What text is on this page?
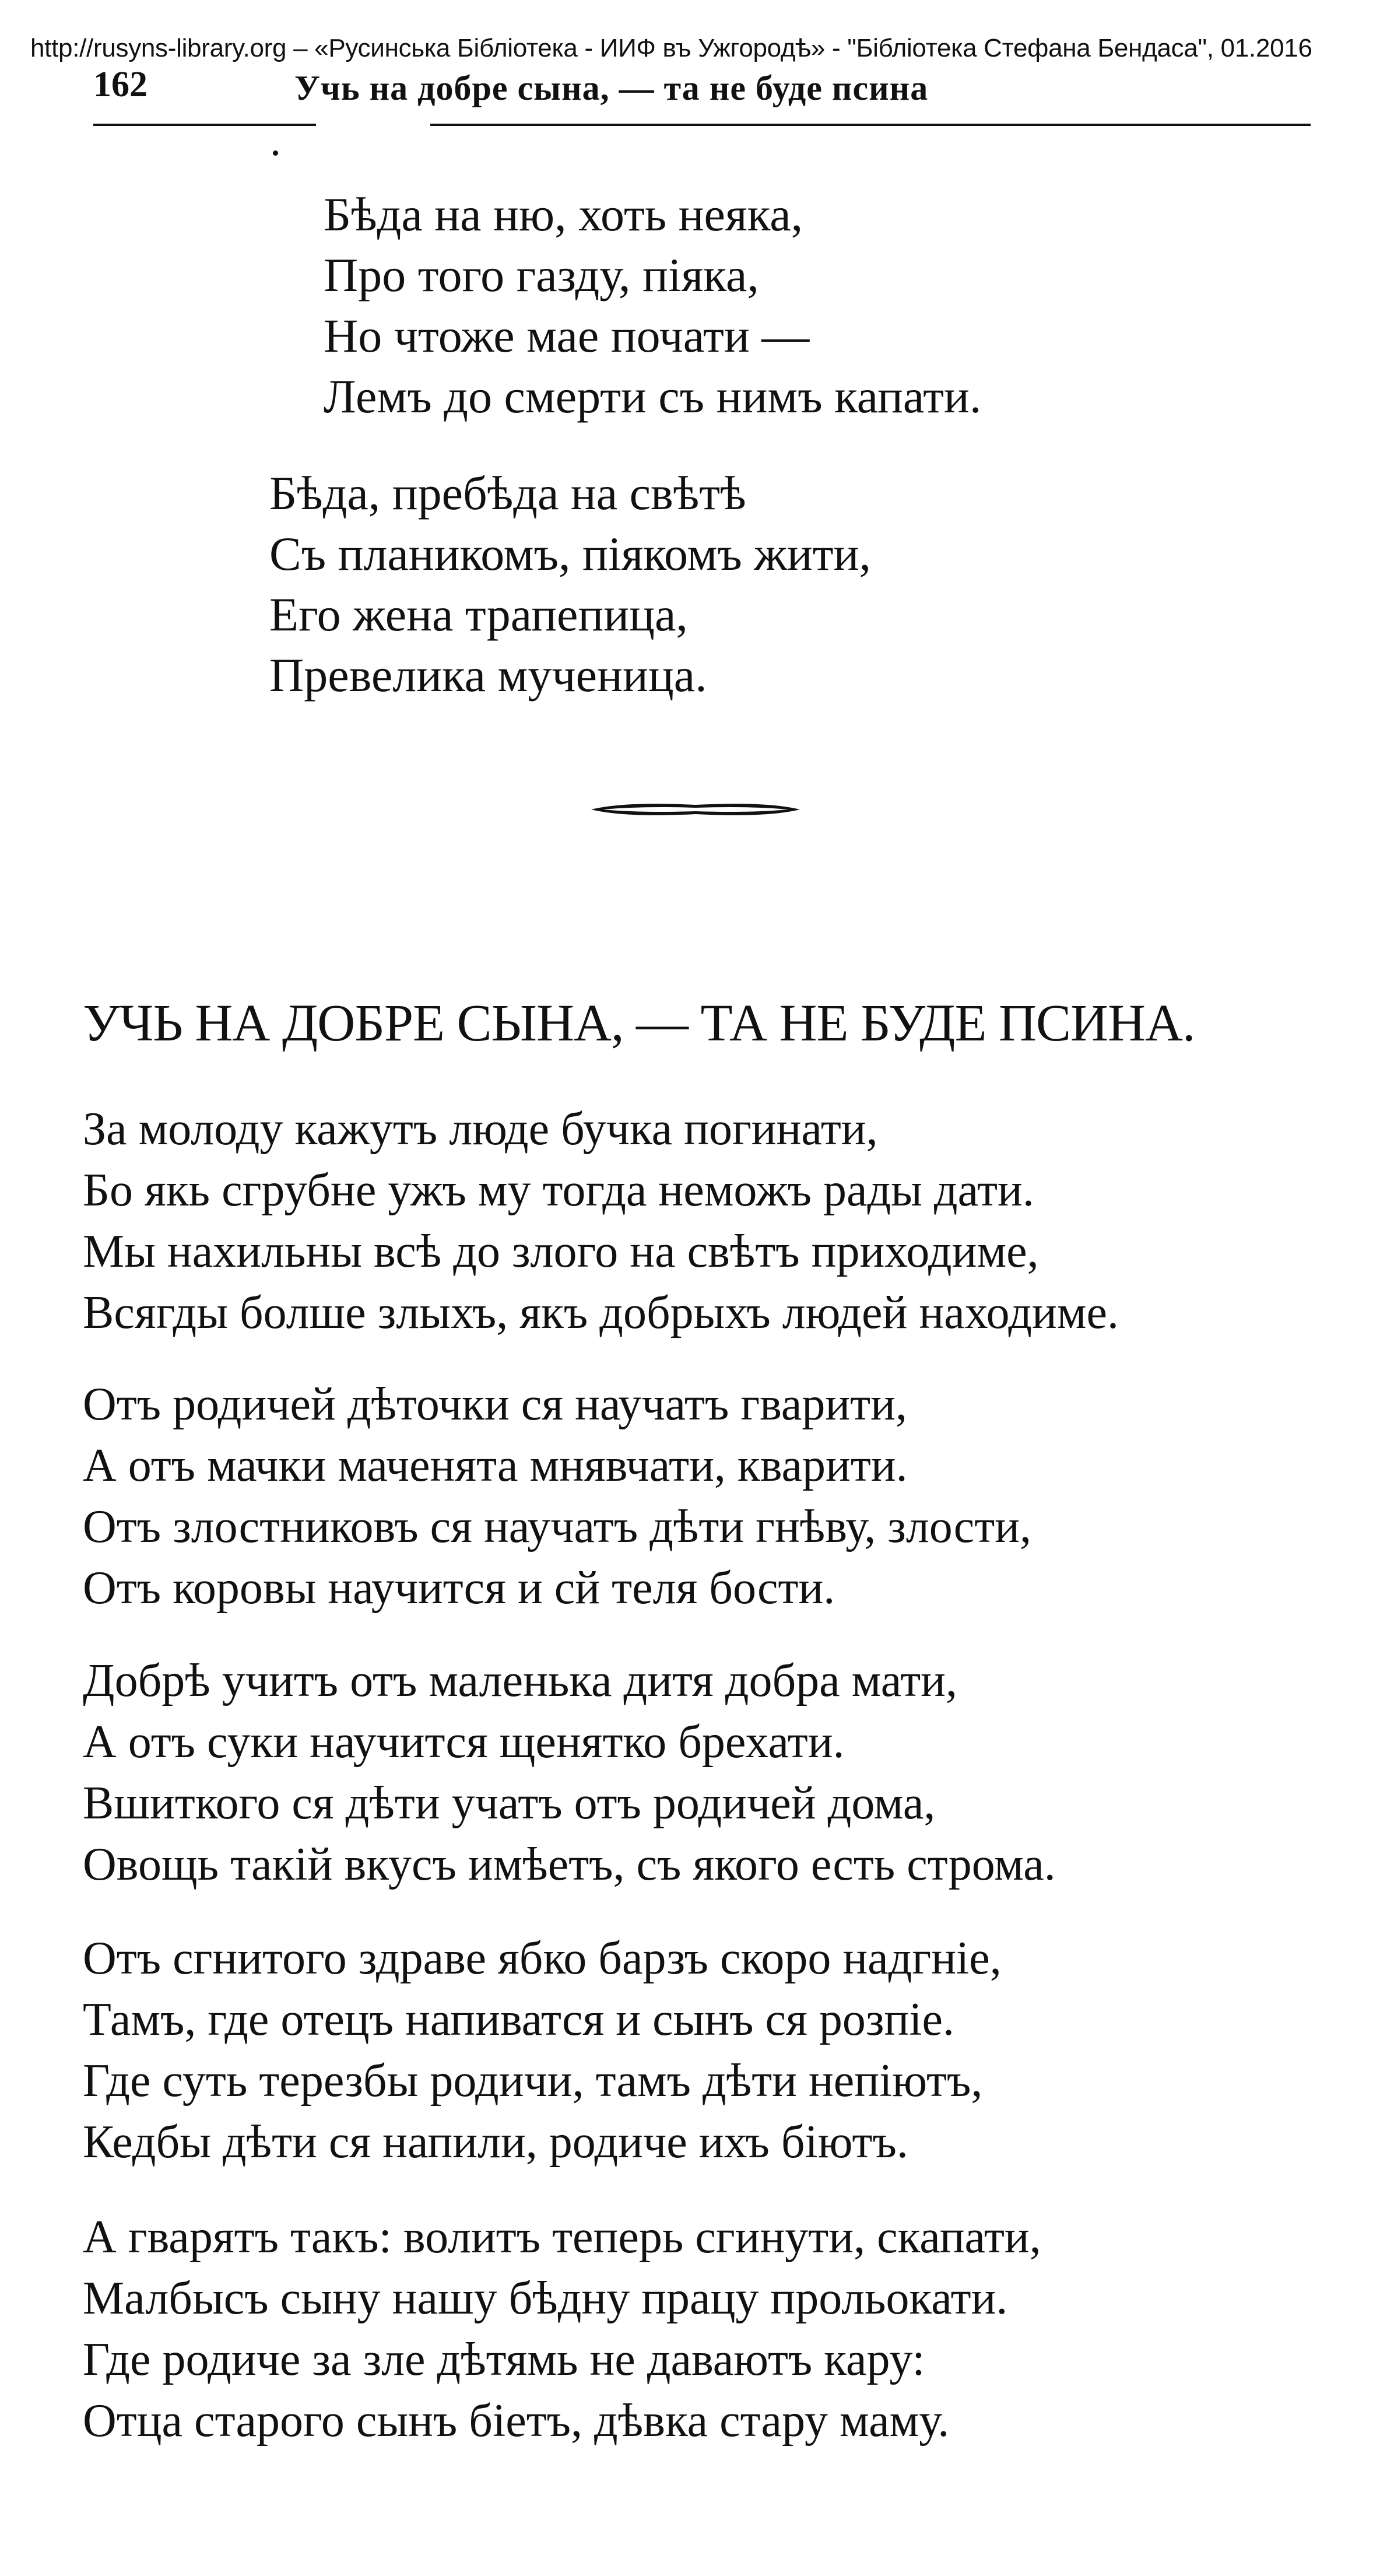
http://rusyns-library.org – «Русинська Бібліотека - ИИФ въ Ужгородѣ» - "Бібліотека Стефана Бендаса", 01.2016
162	Учь на добре сына, — та не буде псина
Бѣда на ню, хоть неяка,
Про того газду, піяка,
Но чтоже мае почати —
Лемъ до смерти съ нимъ капати.
Бѣда, пребѣда на свѣтѣ
Съ планикомъ, піякомъ жити,
Его жена трапепица,
Превелика мученица.
УЧЬ НА ДОБРЕ СЫНА, — ТА НЕ БУДЕ ПСИНА.
За молоду кажутъ люде бучка погинати,
Бо якь сгрубне ужъ му тогда неможъ рады дати.
Мы нахильны всѣ до злого на свѣтъ приходиме,
Всягды болше злыхъ, якъ добрыхъ людей находиме.
Отъ родичей дѣточки ся научатъ гварити,
А отъ мачки маченята мнявчати, кварити.
Отъ злостниковъ ся научатъ дѣти гнѣву, злости,
Отъ коровы научится и сй теля бости.
Добрѣ учитъ отъ маленька дитя добра мати,
А отъ суки научится щенятко брехати.
Вшиткого ся дѣти учатъ отъ родичей дома,
Овощь такій вкусъ имѣетъ, съ якого есть строма.
Отъ сгнитого здраве ябко барзъ скоро надгніе,
Тамъ, где отецъ напиватся и сынъ ся розпіе.
Где суть терезбы родичи, тамъ дѣти непіютъ,
Кедбы дѣти ся напили, родиче ихъ біютъ.
А гварятъ такъ: волитъ теперь сгинути, скапати,
Малбысъ сыну нашу бѣдну працу прольокати.
Где родиче за зле дѣтямь не даваютъ кару:
Отца старого сынъ біетъ, дѣвка стару маму.
